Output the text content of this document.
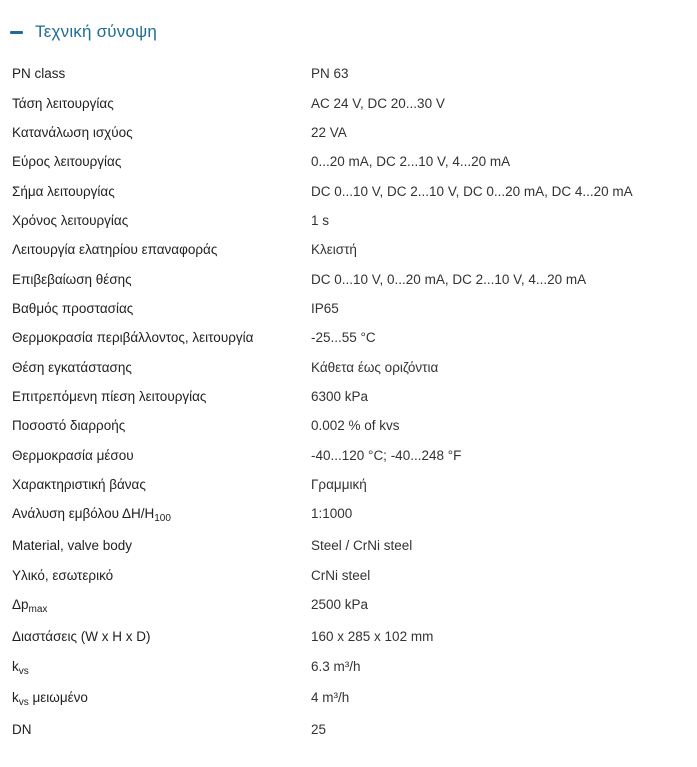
Τεχνική σύνοψη
PN class	PN 63
Τάση λειτουργίας	AC 24 V, DC 20...30 V
Κατανάλωση ισχύος	22 VA
Εύρος λειτουργίας	0...20 mA, DC 2...10 V, 4...20 mA
Σήμα λειτουργίας	DC 0...10 V, DC 2...10 V, DC 0...20 mA, DC 4...20 mA
Χρόνος λειτουργίας	1 s
Λειτουργία ελατηρίου επαναφοράς	Κλειστή
Επιβεβαίωση θέσης	DC 0...10 V, 0...20 mA, DC 2...10 V, 4...20 mA
Βαθμός προστασίας	IP65
Θερμοκρασία περιβάλλοντος, λειτουργία	-25...55 °C
Θέση εγκατάστασης	Κάθετα έως οριζόντια
Επιτρεπόμενη πίεση λειτουργίας	6300 kPa
Ποσοστό διαρροής	0.002 % of kvs
Θερμοκρασία μέσου	-40...120 °C; -40...248 °F
Χαρακτηριστική βάνας	Γραμμική
Ανάλυση εμβόλου $\Delta H/H_{100}$	1:1000
Material, valve body	Steel / CrNi steel
Υλικό, εσωτερικό	CrNi steel
$\Delta p_{max}$	2500 kPa
Διαστάσεις (W x H x D)	160 x 285 x 102 mm
$k_{vs}$	6.3 m³/h
$k_{vs}$ μειωμένο	4 m³/h
DN	25
